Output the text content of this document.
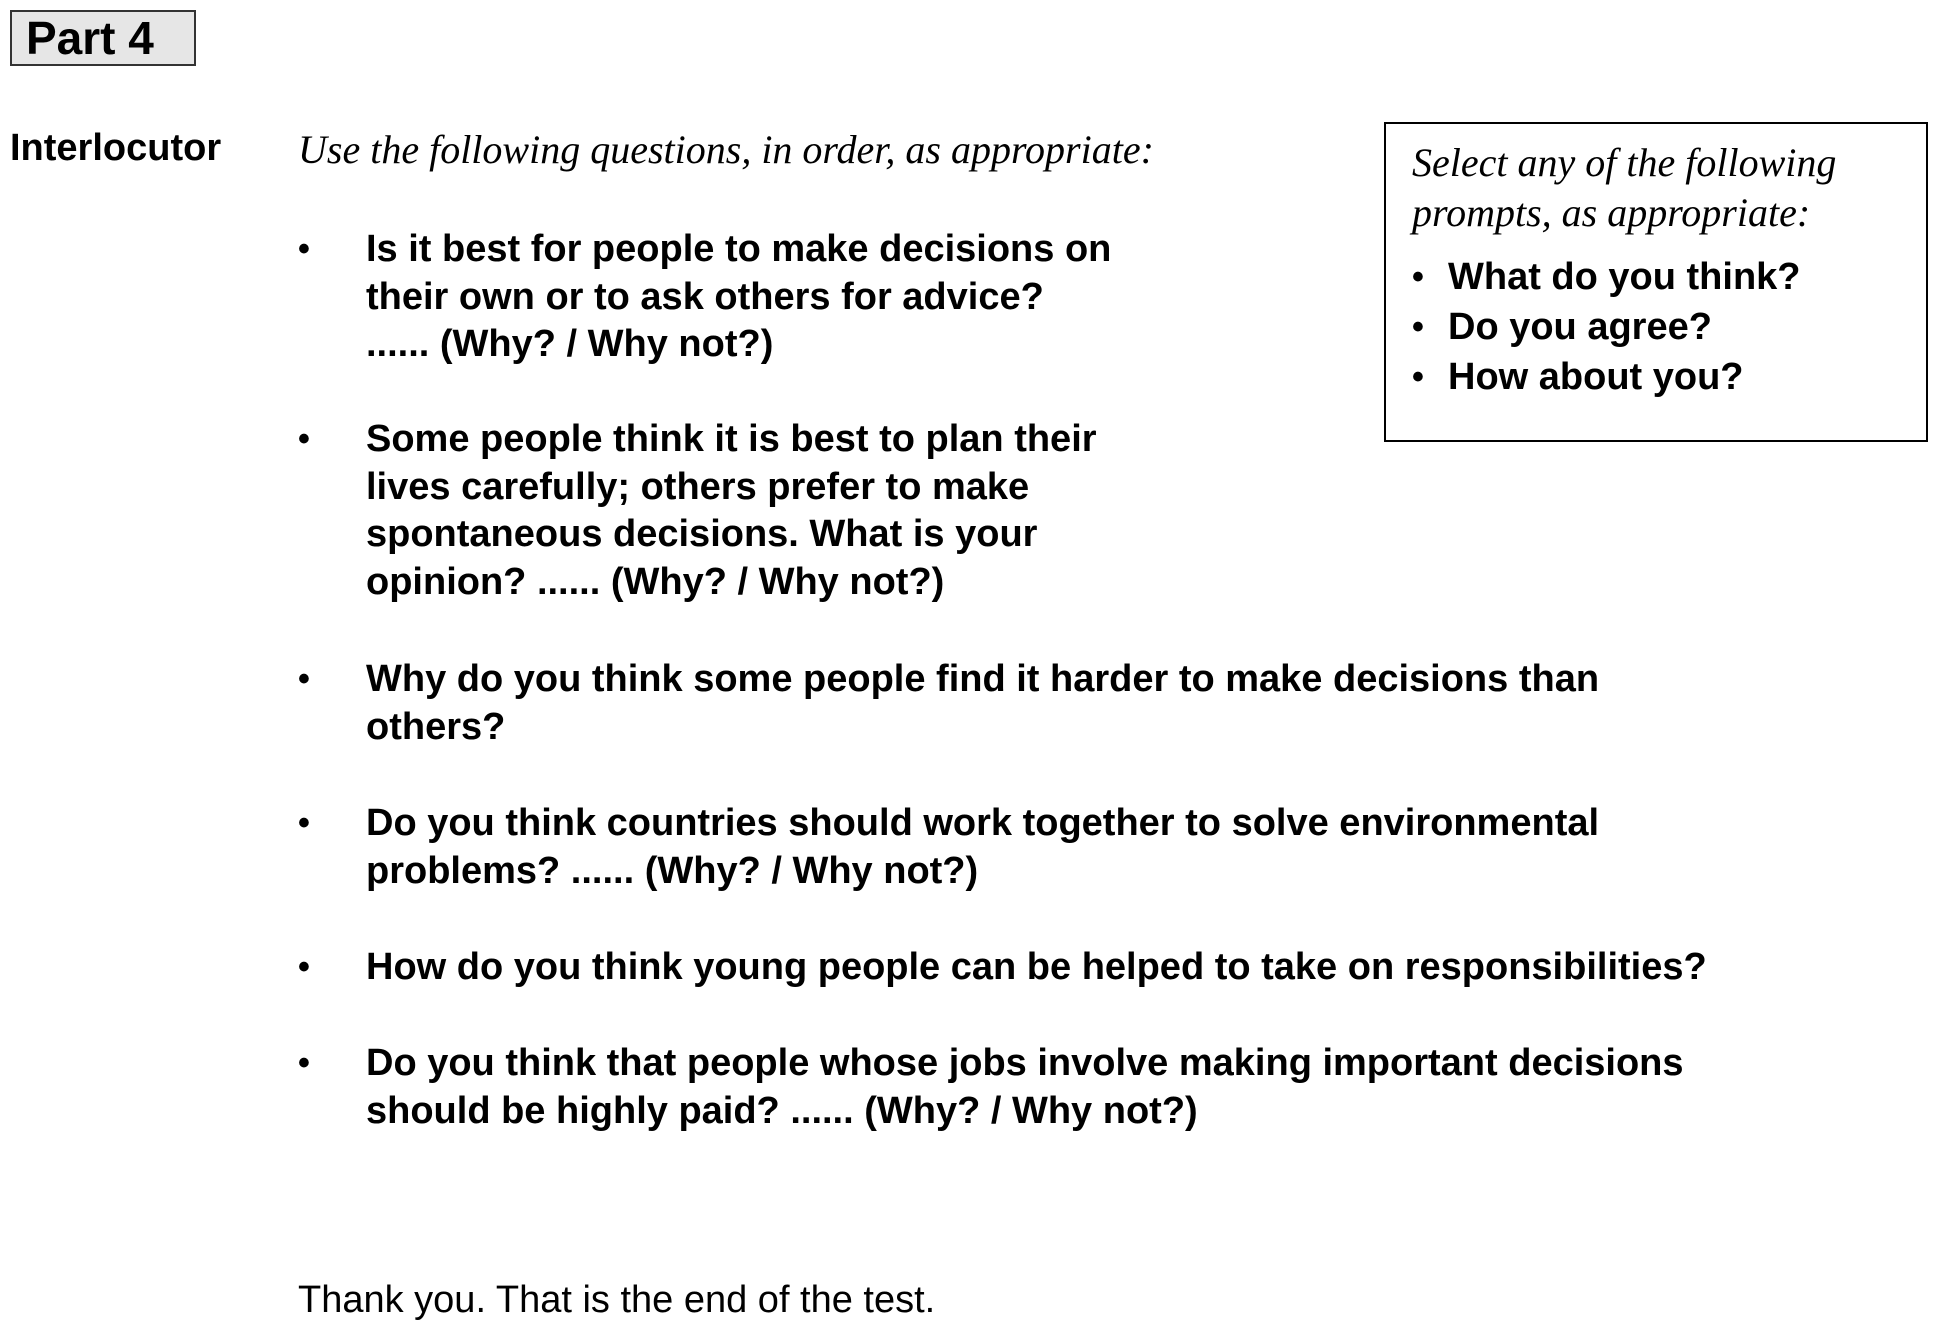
Part 4
Interlocutor Use the following questions, in order, as appropriate:
• Is it best for people to make decisions on
their own or to ask others for advice?
...... (Why? / Why not?)
• Some people think it is best to plan their
lives carefully; others prefer to make
spontaneous decisions. What is your
opinion? ...... (Why? / Why not?)
• Why do you think some people find it harder to make decisions than
others?
• Do you think countries should work together to solve environmental
problems? ...... (Why? / Why not?)
• How do you think young people can be helped to take on responsibilities?
• Do you think that people whose jobs involve making important decisions
should be highly paid? ...... (Why? / Why not?)
Select any of the following
prompts, as appropriate:
• What do you think?
• Do you agree?
• How about you?
Thank you. That is the end of the test.
